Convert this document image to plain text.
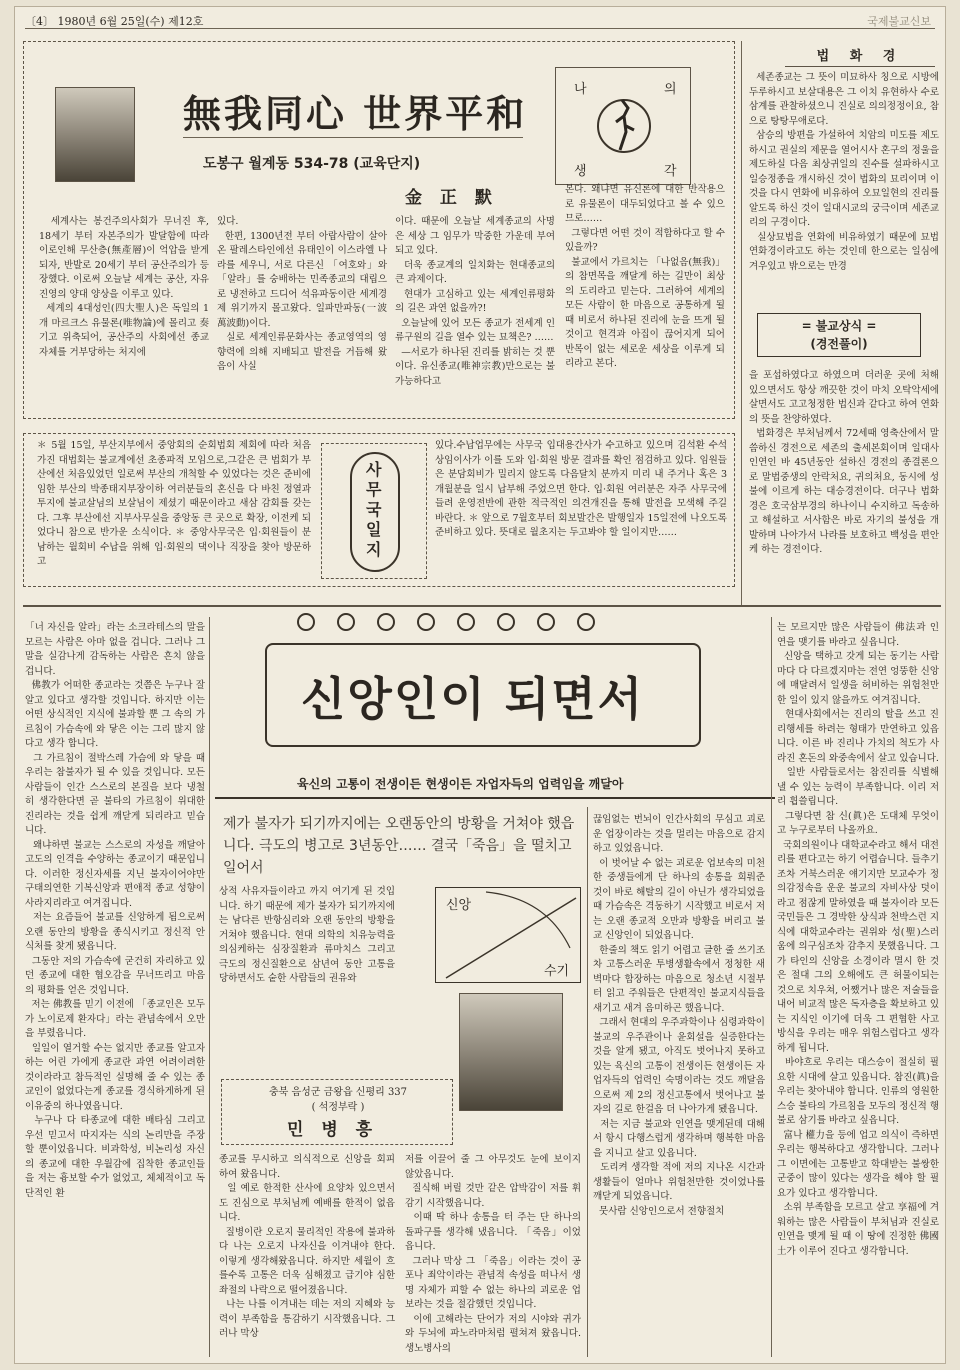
〔4〕 1980년 6월 25일(수) 제12호	국제불교신보
無我同心 世界平和
도봉구 월계동 534-78 (교육단지)
金 正 默
나	의
생	각
세계사는 봉건주의사회가 무너진 후, 18세기 부터 자본주의가 발달함에 따라 이로인해 무산층(無產層)이 억압을 받게되자, 반발로 20세기 부터 공산주의가 등장했다. 이로써 오늘날 세계는 공산, 자유진영의 양대 양상을 이루고 있다.
세계의 4대성인(四大聖人)은 독일의 1개 마르크스 유물론(唯物論)에 몰리고 奏기고 위축되어, 공산주의 사회에선 종교자체를 거부당하는 처지에
있다.
한편, 1300년전 부터 아랍사람이 살아온 팔레스타인에선 유태인이 이스라엘 나라를 세우니, 서로 다른신 「여호와」와 「알라」를 숭배하는 민족종교의 대립으로 냉전하고 드디어 석유파동이란 세계경제 위기까지 몰고왔다. 일파만파동(一波萬波動)이다.
실로 세계인류문화사는 종교영역의 영향력에 의해 지배되고 발전을 거듭해 왔음이 사실
이다. 때문에 오늘날 세계종교의 사명은 세상 그 임무가 막중한 가운데 부여되고 있다.
더욱 종교계의 일치화는 현대종교의 큰 과제이다.
현대가 고심하고 있는 세계인류평화의 길은 과연 없을까?!
오늘날에 있어 모든 종교가 전세계 인류구원의 길을 열수 있는 묘책은? ……
—서로가 하나된 진리를 밝히는 것 뿐이다. 유신종교(唯神宗教)만으로는 불가능하다고
본다. 왜냐면 유신론에 대한 반작용으로 유물론이 대두되었다고 볼 수 있으므로……
그렇다면 어떤 것이 적합하다고 할 수 있을까?
불교에서 가르치는 「나없음(無我)」의 참면목을 깨달게 하는 길만이 최상의 도리라고 믿는다. 그러하여 세계의 모든 사람이 한 마음으로 공통하게 될 때 비로서 하나된 진리에 눈을 뜨게 될 것이고 현격과 아집이 끊어지게 되어 반목이 없는 세로운 세상을 이루게 되리라고 본다.
법 화 경
세존종교는 그 뜻이 미묘하사 칭으로 시방에 두루하시고 보살대용은 그 이치 유현하사 수로 삼계를 관찰하셨으니 진실로 의의정정이요, 참으로 탕탕무애로다.
삼승의 방편을 가설하여 치암의 미도를 제도하시고 권실의 제문을 열어시사 혼구의 정울을 제도하실 다음 최상귀일의 진수를 설파하시고 일승정종을 개시하신 것이 법화의 묘리이며 이것을 다시 연화에 비유하여 오묘일현의 진리를 알도록 하신 것이 일대시교의 궁극이며 세존교리의 구경이다.
실상묘법을 연화에 비유하였기 때문에 묘법연화경이라고도 하는 것인데 한으로는 일심에 겨우있고 밖으로는 만경
= 불교상식 =
(경전풀이)
을 포섭하였다고 하였으며 더러운 곳에 처해 있으면서도 항상 깨끗한 것이 마치 오탁악세에 살면서도 고고청정한 법신과 같다고 하여 연화의 뜻을 찬양하였다.
법화경은 부처님께서 72세때 영축산에서 말씀하신 경전으로 세존의 출세본회이며 일대사 인연인 바 45년동안 설하신 경전의 종결론으로 말법중생의 안락처요, 귀의처요, 동시에 성불에 이르게 하는 대승경전이다. 더구나 법화경은 호국삼부경의 하나이니 수지하고 독송하고 해설하고 서사함은 바로 자기의 불성을 개발하며 나아가서 나라를 보호하고 백성을 편안케 하는 경전이다.
＊ 5월 15일, 부산지부에서 중앙회의 순회법회 제회에 따라 처음가진 대법회는 불교계에선 초종파적 모임으로,그같은 큰 법회가 부산에선 처음있었던 일로써 부산의 개척할 수 있었다는 것은 준비에 임한 부산의 박종태지부장이하 여러분들의 혼신을 다 바친 정열과 투지에 불교살님의 보살님이 제셨기 때문이라고 새삼 감회를 갖는다. 그후 부산에선 지부사무실을 중앙동 큰 곳으로 확장, 이전케 되었다니 참으로 반가운 소식이다. ＊ 중앙사무국은 입·회원들이 분남하는 월회비 수납을 위해 입·회원의 댁이나 직장을 찾아 방문하고
사무국일지
있다.수납업무에는 사무국 입대용간사가 수고하고 있으며 김석환 수석 상임이사가 이를 도와 입·회원 방문 결과를 확인 점검하고 있다. 임원들은 분담회비가 밀리지 않도록 다음달치 분까지 미리 내 주거나 혹은 3개월분을 일시 납부해 주었으면 한다. 입·회원 여러분은 자주 사무국에 들려 운영전반에 관한 적극적인 의견개진을 통해 발전을 모색해 주길 바란다. ＊ 앞으로 7월호부터 회보발간은 발행일자 15일전에 나오도록 준비하고 있다. 뜻대로 월초지는 두고봐야 할 일이지만……
「너 자신을 알라」라는 소크라테스의 말을 모르는 사람은 아마 없을 겁니다. 그러나 그 말을 실감나게 감독하는 사람은 흔치 않을겁니다.
佛教가 어떠한 종교라는 것쯤은 누구나 잘 알고 있다고 생각할 것입니다. 하지만 이는 어떤 상식적인 지식에 불과할 뿐 그 속의 가르침이 가슴속에 와 닿은 이는 그리 많지 않다고 생각 합니다.
그 가르침이 절박스레 가슴에 와 닿을 때 우리는 참불자가 될 수 있을 것입니다. 모든 사람들이 인간 스스로의 본질을 보다 냉철히 생각한다면 곧 불타의 가르침이 위대한 진리라는 것을 쉽게 깨닫게 되리라고 믿습니다.
왜냐하면 불교는 스스로의 자성을 깨달아 고도의 인격을 수양하는 종교이기 때문입니다. 이러한 정신자세를 지닌 불자이어야만 구태의연한 기복신앙과 편애적 종교 성향이 사라지리라고 여겨집니다.
저는 요즘들어 불교를 신앙하게 됨으로써 오랜 동안의 방황을 종식시키고 정신적 안식처를 찾게 됐읍니다.
그동안 저의 가슴속에 굳건히 자리하고 있던 종교에 대한 협오감을 무너뜨리고 마음의 평화를 얻은 것입니다.
저는 佛教를 믿기 이전에 「종교인은 모두가 노이로제 환자다」라는 관념속에서 오만을 부렸읍니다.
일일이 열거할 수는 없지만 종교를 알고자하는 어린 가에게 종교란 과연 어려이려한 것이라라고 참득적인 실명해 줄 수 있는 종교인이 없었다는게 종교를 경식하게하게 된 이유중의 하나였읍니다.
누구나 다 타종교에 대한 배타심 그리고 우선 믿고서 따지자는 식의 논리만을 주장할 뿐이었읍니다. 비과학성, 비논리성 자신의 종교에 대한 우월감에 집착한 종교인들을 저는 흉보할 수가 없었고, 체체적이고 독단적인 환
신앙인이 되면서
육신의 고통이 전생이든 현생이든 자업자득의 업력임을 깨달아
제가 불자가 되기까지에는 오랜동안의 방황을 거쳐야 했읍니다. 극도의 병고로 3년동안…… 결국「죽음」을 떨치고 일어서
상적 사유자들이라고 까지 여기게 된 것입니다. 하기 때문에 제가 불자가 되기까지에는 남다른 반항심리와 오랜 동안의 방황을 거쳐야 했읍니다. 현대 의학의 치유능력을 의심케하는 심장질환과 류마치스 그리고 극도의 정신질환으로 삼년여 동안 고통을 당하면서도 숱한 사람들의 권유와
신앙
수기
충북 음성군 금왕읍 신평리 337
( 석정부락 )
민 병 흥
종교를 무시하고 의식적으로 신앙을 회피하여 왔읍니다.
일 예로 한적한 산사에 요양차 있으면서도 진심으로 부처님께 예배를 한적이 없읍니다.
질병이란 오로지 물리적인 작용에 불과하다 나는 오로지 나자신을 이겨내야 한다. 이렇게 생각해왔읍니다. 하지만 세월이 흐를수록 고통은 더욱 심해졌고 급기야 심한 좌절의 나락으로 떨어졌읍니다.
나는 나를 이겨내는 데는 저의 지혜와 능력이 부족함을 통감하기 시작했읍니다. 그러나 막상
저를 이끌어 줄 그 아무것도 눈에 보이지 않았읍니다.
질식해 버릴 것만 같은 압박감이 저를 휘감기 시작했읍니다.
이때 딱 하나 송통을 터 주는 단 하나의 돌파구를 생각해 냈읍니다. 「죽음」이었읍니다.
그러나 막상 그 「죽음」이라는 것이 공포나 죄악이라는 관념적 속성을 떠나서 생명 자체가 피할 수 없는 하나의 괴로운 업보라는 것을 절감했던 것입니다.
이에 고해라는 단어가 저의 시야와 귀가와 두뇌에 파노라마처럼 펼쳐져 왔읍니다. 생노병사의
끊임없는 번뇌이 인간사회의 무심고 괴로운 업장이라는 것을 멀리는 마음으로 감지하고 있었읍니다.
이 벗어날 수 없는 괴로운 업보속의 미천한 중생들에게 단 하나의 송통을 희뤄준 것이 바로 해탈의 길이 아닌가 생각되었을 때 가슴속은 격동하기 시작했고 비로서 저는 오랜 종교적 오만과 방황을 버리고 불교 신앙인이 되었읍니다.
한줄의 책도 읽기 어렵고 글한 줄 쓰기조차 고통스러운 투병생활속에서 정청한 새벽마다 합장하는 마음으로 청소년 시절부터 읽고 주워들은 단편적인 불교지식들을 새기고 새겨 음미하곤 했읍니다.
그래서 현대의 우주과학이나 심령과학이 불교의 우주관이나 윤회설을 실증한다는 것을 알게 됐고, 아직도 벗어나지 못하고 있는 육신의 고통이 전생이든 현생이든 자업자득의 업력인 숙명이라는 것도 깨달음으로써 제 2의 정신고통에서 벗어나고 불자의 길로 한걸음 더 나아가게 됐읍니다.
저는 지금 불교와 인연을 맺게된데 대해서 항시 다행스럽게 생각하며 행복한 마음을 지니고 살고 있읍니다.
도리켜 생각할 적에 저의 지나온 시간과 생활들이 얼마나 위험천만한 것이었나를 깨닫게 되었읍니다.
뭇사람 신앙인으로서 전향절치
는 모르지만 많은 사람들이 佛法과 인연을 맺기를 바라고 싶읍니다.
신앙을 택하고 갓게 되는 동기는 사람마다 다 다르겠지마는 전연 엉뚱한 신앙에 매달려서 일생을 허비하는 위험천만한 일이 있지 않을까도 여겨집니다.
현대사회에서는 진리의 탈을 쓰고 진리행세를 하려는 형태가 만연하고 있읍니다. 이른 바 진리나 가치의 척도가 사라진 혼돈의 와중속에서 살고 있습니다.
일반 사람들로서는 참진리를 식별해 낼 수 있는 능력이 부족합니다. 이리 저리 휩쓸립니다.
그렇다면 참 신(眞)은 도대체 무엇이고 누구로부터 나올까요.
국회의원이나 대학교수라고 해서 대전리를 편다고는 하기 어렵습니다. 들추기조차 거북스러운 얘기지만 모교수가 정의감정속을 운운 불교의 자비사상 덧이라고 점잖게 말하였을 때 불자이라 모든 국민들은 그 경박한 상식과 천박스런 지식에 대학교수라는 권위와 성(聖)스러움에 의구심조차 감추지 못했읍니다. 그가 타인의 신앙을 소경이라 멸시 한 것은 절대 그의 오해에도 큰 허물이되는 것으로 치우쳐, 어쨌거나 많은 저술들을 내어 비교적 많은 독자층을 확보하고 있는 지식인 이기에 더욱 그 편협한 사고방식을 우리는 매우 위험스럽다고 생각하게 됩니다.
바야흐로 우리는 대스승이 절실히 필요한 시대에 살고 있읍니다. 참진(眞)을 우리는 찾아내야 합니다. 인류의 영원한 스승 불타의 가르침을 모두의 정신적 행불로 삼기를 바라고 싶읍니다.
富나 權力을 등에 업고 의식이 즉하면 우리는 행복하다고 생각합니다. 그러나 그 이면에는 고통받고 학대받는 불쌍한 군중이 많이 있다는 생각을 해야 할 필요가 있다고 생각합니다.
소위 부족함을 모르고 살고 享福에 겨워하는 많은 사람들이 부처님과 진실로 인연을 맺게 될 때 이 땅에 진정한 佛國土가 이루어 진다고 생각합니다.
